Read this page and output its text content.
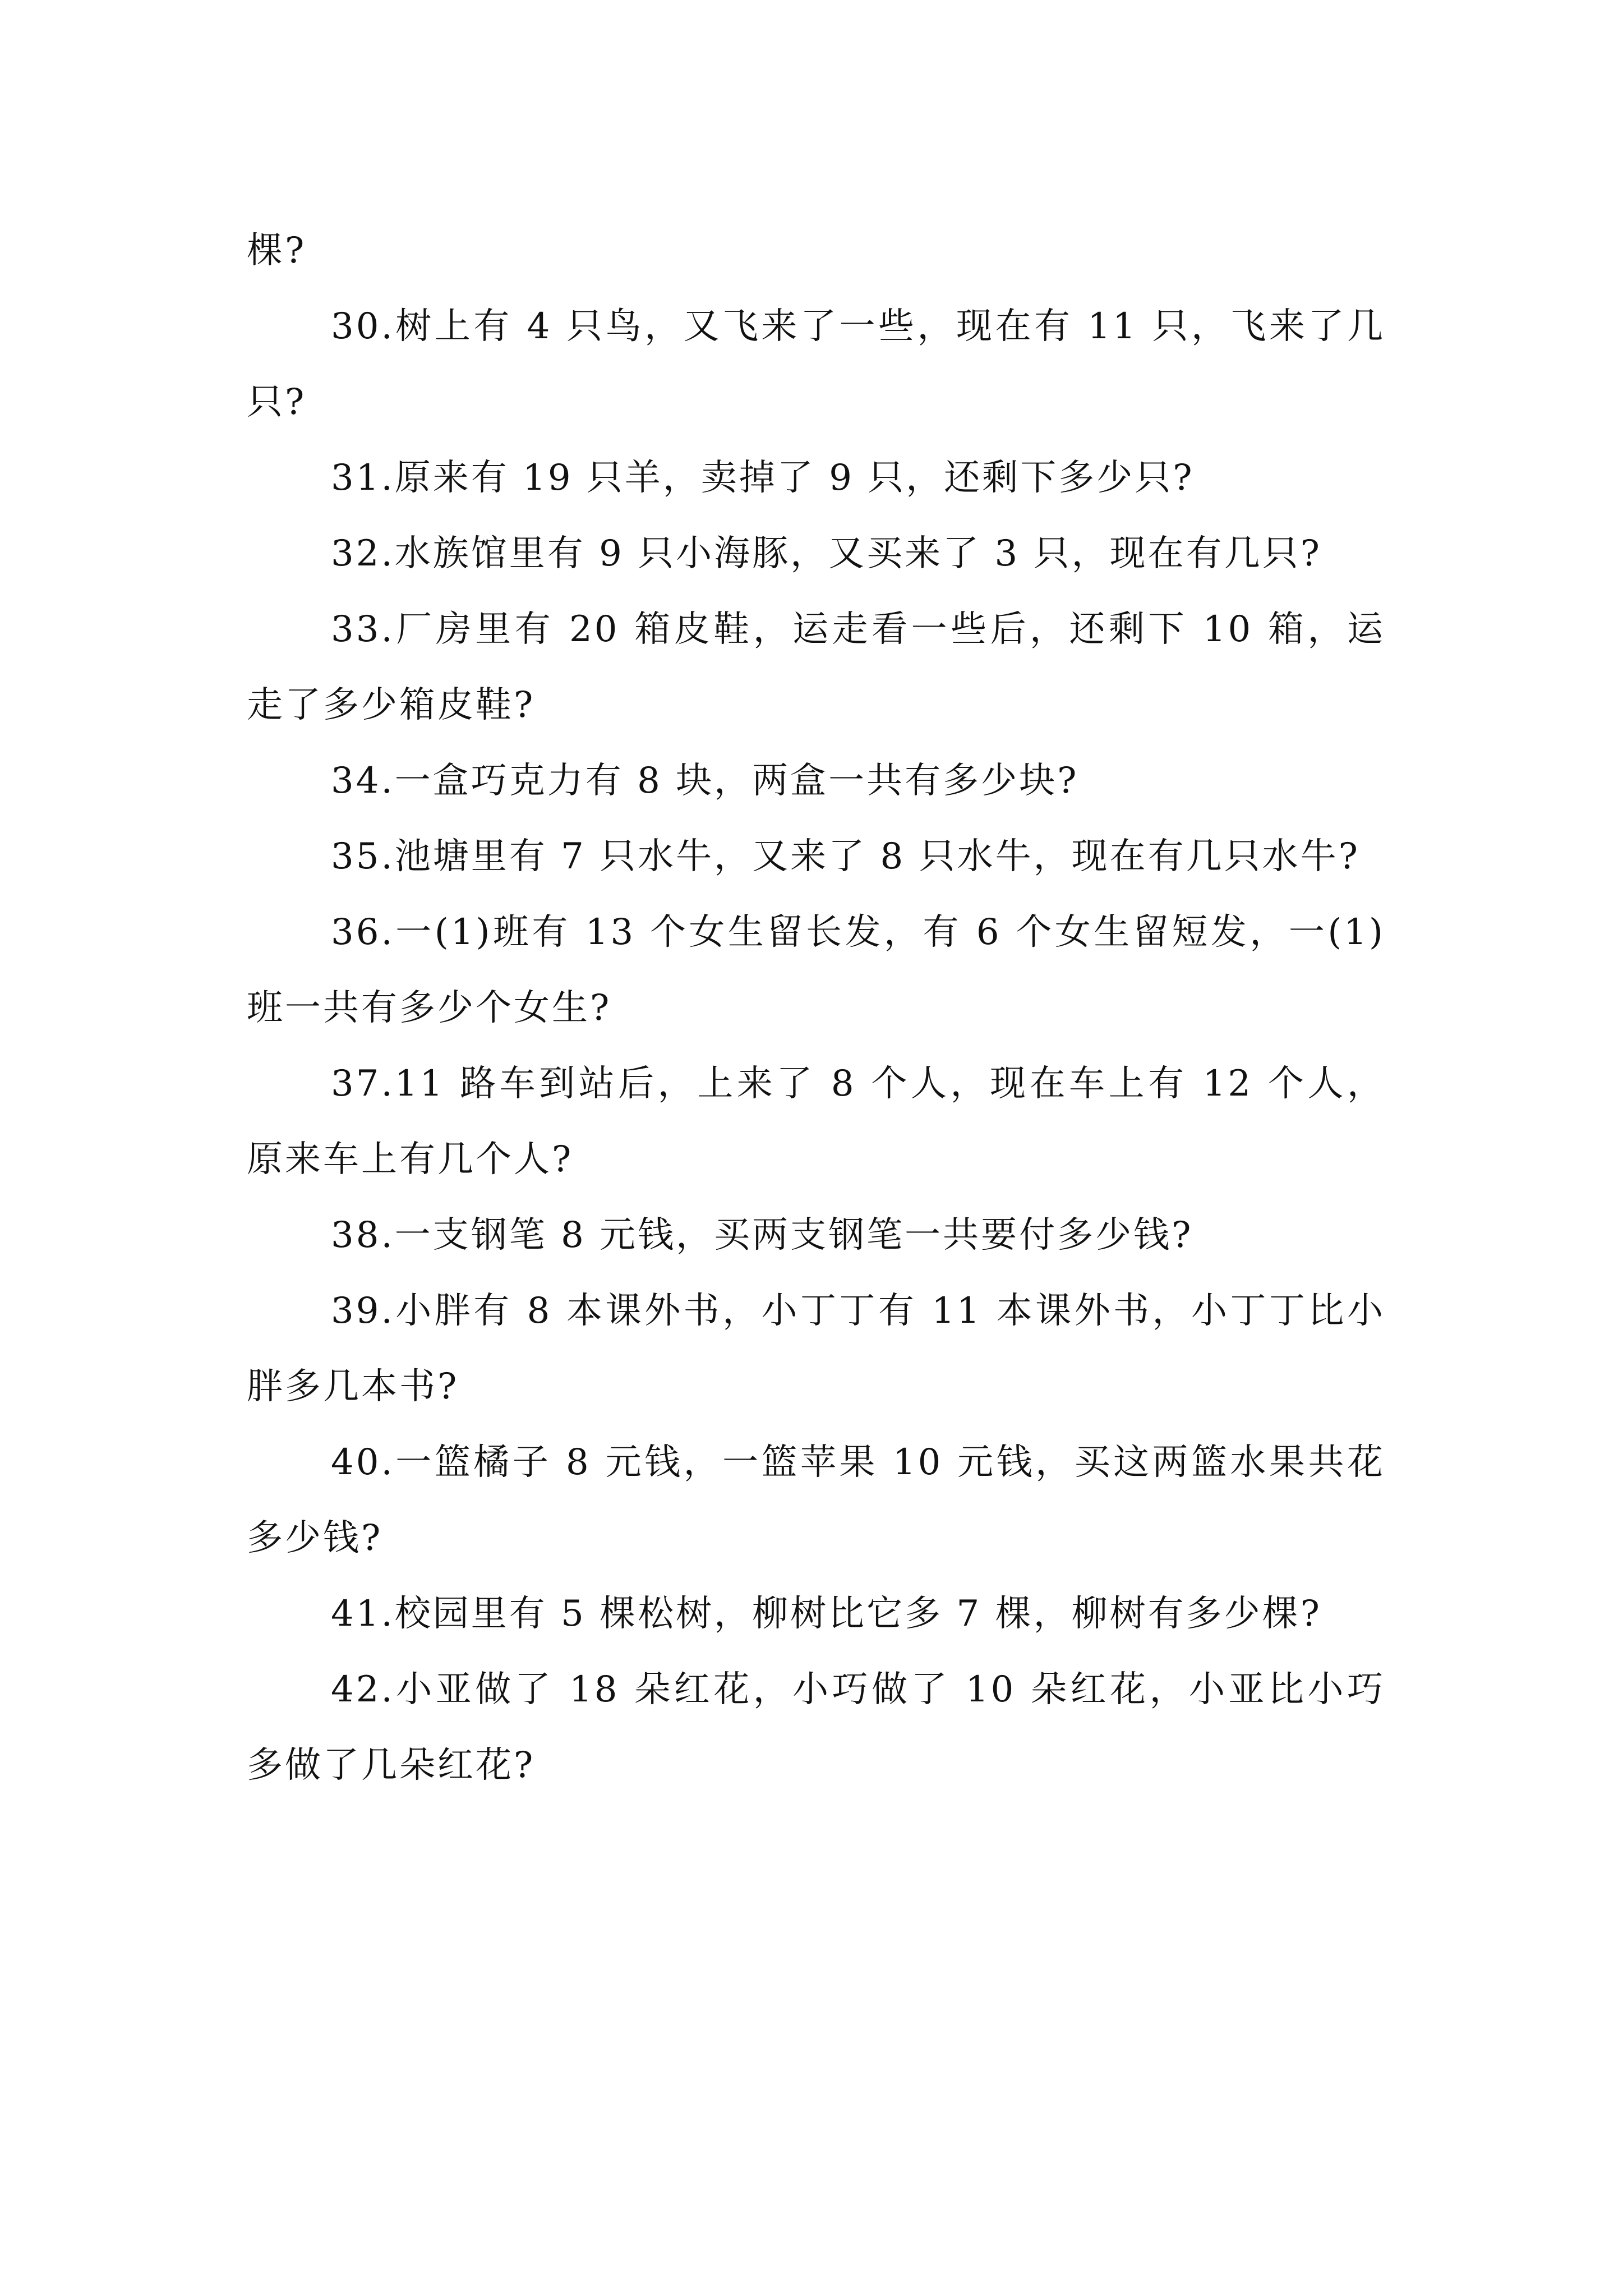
棵?

30.树上有 4 只鸟，又飞来了一些，现在有 11 只，飞来了几只?

31.原来有 19 只羊，卖掉了 9 只，还剩下多少只?

32.水族馆里有 9 只小海豚，又买来了 3 只，现在有几只?

33.厂房里有 20 箱皮鞋，运走看一些后，还剩下 10 箱，运走了多少箱皮鞋?

34.一盒巧克力有 8 块，两盒一共有多少块?

35.池塘里有 7 只水牛，又来了 8 只水牛，现在有几只水牛?

36.一(1)班有 13 个女生留长发，有 6 个女生留短发，一(1)班一共有多少个女生?

37.11 路车到站后，上来了 8 个人，现在车上有 12 个人，原来车上有几个人?

38.一支钢笔 8 元钱，买两支钢笔一共要付多少钱?

39.小胖有 8 本课外书，小丁丁有 11 本课外书，小丁丁比小胖多几本书?

40.一篮橘子 8 元钱，一篮苹果 10 元钱，买这两篮水果共花多少钱?

41.校园里有 5 棵松树，柳树比它多 7 棵，柳树有多少棵?

42.小亚做了 18 朵红花，小巧做了 10 朵红花，小亚比小巧多做了几朵红花?
